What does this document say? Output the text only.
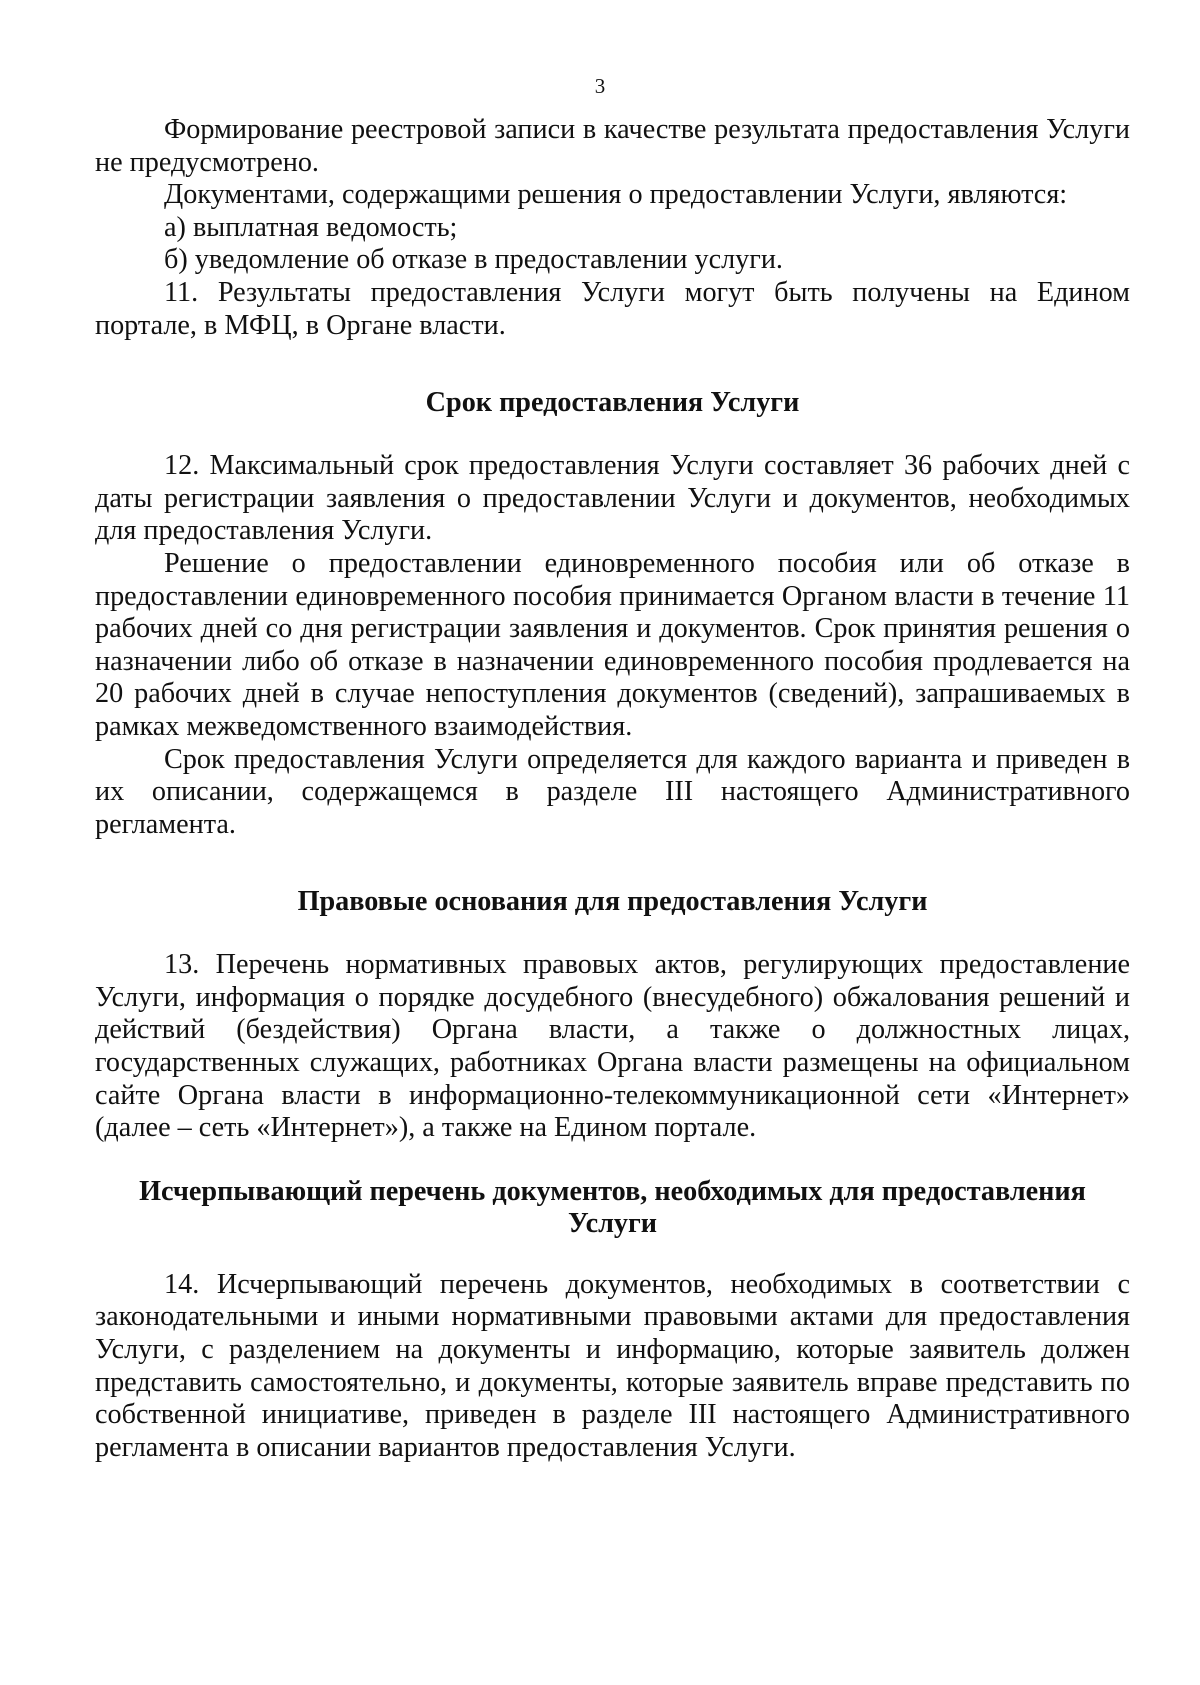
3

Формирование реестровой записи в качестве результата предоставления Услуги не предусмотрено.

Документами, содержащими решения о предоставлении Услуги, являются:

а) выплатная ведомость;

б) уведомление об отказе в предоставлении услуги.

11. Результаты предоставления Услуги могут быть получены на Едином портале, в МФЦ, в Органе власти.

Срок предоставления Услуги

12. Максимальный срок предоставления Услуги составляет 36 рабочих дней с даты регистрации заявления о предоставлении Услуги и документов, необходимых для предоставления Услуги.

Решение о предоставлении единовременного пособия или об отказе в предоставлении единовременного пособия принимается Органом власти в течение 11 рабочих дней со дня регистрации заявления и документов. Срок принятия решения о назначении либо об отказе в назначении единовременного пособия продлевается на 20 рабочих дней в случае непоступления документов (сведений), запрашиваемых в рамках межведомственного взаимодействия.

Срок предоставления Услуги определяется для каждого варианта и приведен в их описании, содержащемся в разделе III настоящего Административного регламента.

Правовые основания для предоставления Услуги

13. Перечень нормативных правовых актов, регулирующих предоставление Услуги, информация о порядке досудебного (внесудебного) обжалования решений и действий (бездействия) Органа власти, а также о должностных лицах, государственных служащих, работниках Органа власти размещены на официальном сайте Органа власти в информационно-телекоммуникационной сети «Интернет» (далее – сеть «Интернет»), а также на Едином портале.

Исчерпывающий перечень документов, необходимых для предоставления
Услуги

14. Исчерпывающий перечень документов, необходимых в соответствии с законодательными и иными нормативными правовыми актами для предоставления Услуги, с разделением на документы и информацию, которые заявитель должен представить самостоятельно, и документы, которые заявитель вправе представить по собственной инициативе, приведен в разделе III настоящего Административного регламента в описании вариантов предоставления Услуги.
